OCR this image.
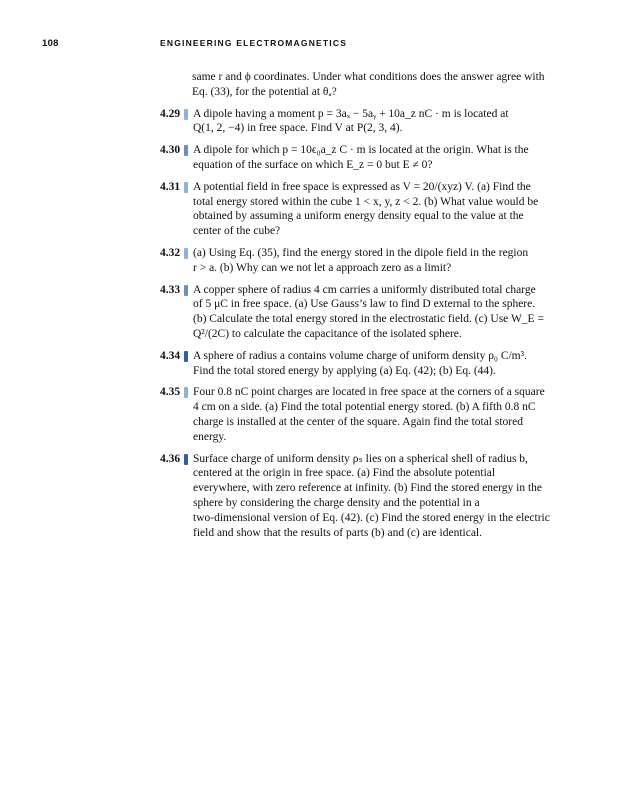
108	ENGINEERING ELECTROMAGNETICS
same r and ϕ coordinates. Under what conditions does the answer agree with
Eq. (33), for the potential at θₐ?
4.29 A dipole having a moment p = 3aₓ − 5aᵧ + 10a_z nC · m is located at
Q(1, 2, −4) in free space. Find V at P(2, 3, 4).
4.30 A dipole for which p = 10ϵ₀a_z C · m is located at the origin. What is the
equation of the surface on which E_z = 0 but E ≠ 0?
4.31 A potential field in free space is expressed as V = 20/(xyz) V. (a) Find the
total energy stored within the cube 1 < x, y, z < 2. (b) What value would be
obtained by assuming a uniform energy density equal to the value at the
center of the cube?
4.32 (a) Using Eq. (35), find the energy stored in the dipole field in the region
r > a. (b) Why can we not let a approach zero as a limit?
4.33 A copper sphere of radius 4 cm carries a uniformly distributed total charge
of 5 μC in free space. (a) Use Gauss’s law to find D external to the sphere.
(b) Calculate the total energy stored in the electrostatic field. (c) Use W_E =
Q²/(2C) to calculate the capacitance of the isolated sphere.
4.34 A sphere of radius a contains volume charge of uniform density ρ₀ C/m³.
Find the total stored energy by applying (a) Eq. (42); (b) Eq. (44).
4.35 Four 0.8 nC point charges are located in free space at the corners of a square
4 cm on a side. (a) Find the total potential energy stored. (b) A fifth 0.8 nC
charge is installed at the center of the square. Again find the total stored
energy.
4.36 Surface charge of uniform density ρₛ lies on a spherical shell of radius b,
centered at the origin in free space. (a) Find the absolute potential
everywhere, with zero reference at infinity. (b) Find the stored energy in the
sphere by considering the charge density and the potential in a
two-dimensional version of Eq. (42). (c) Find the stored energy in the electric
field and show that the results of parts (b) and (c) are identical.
